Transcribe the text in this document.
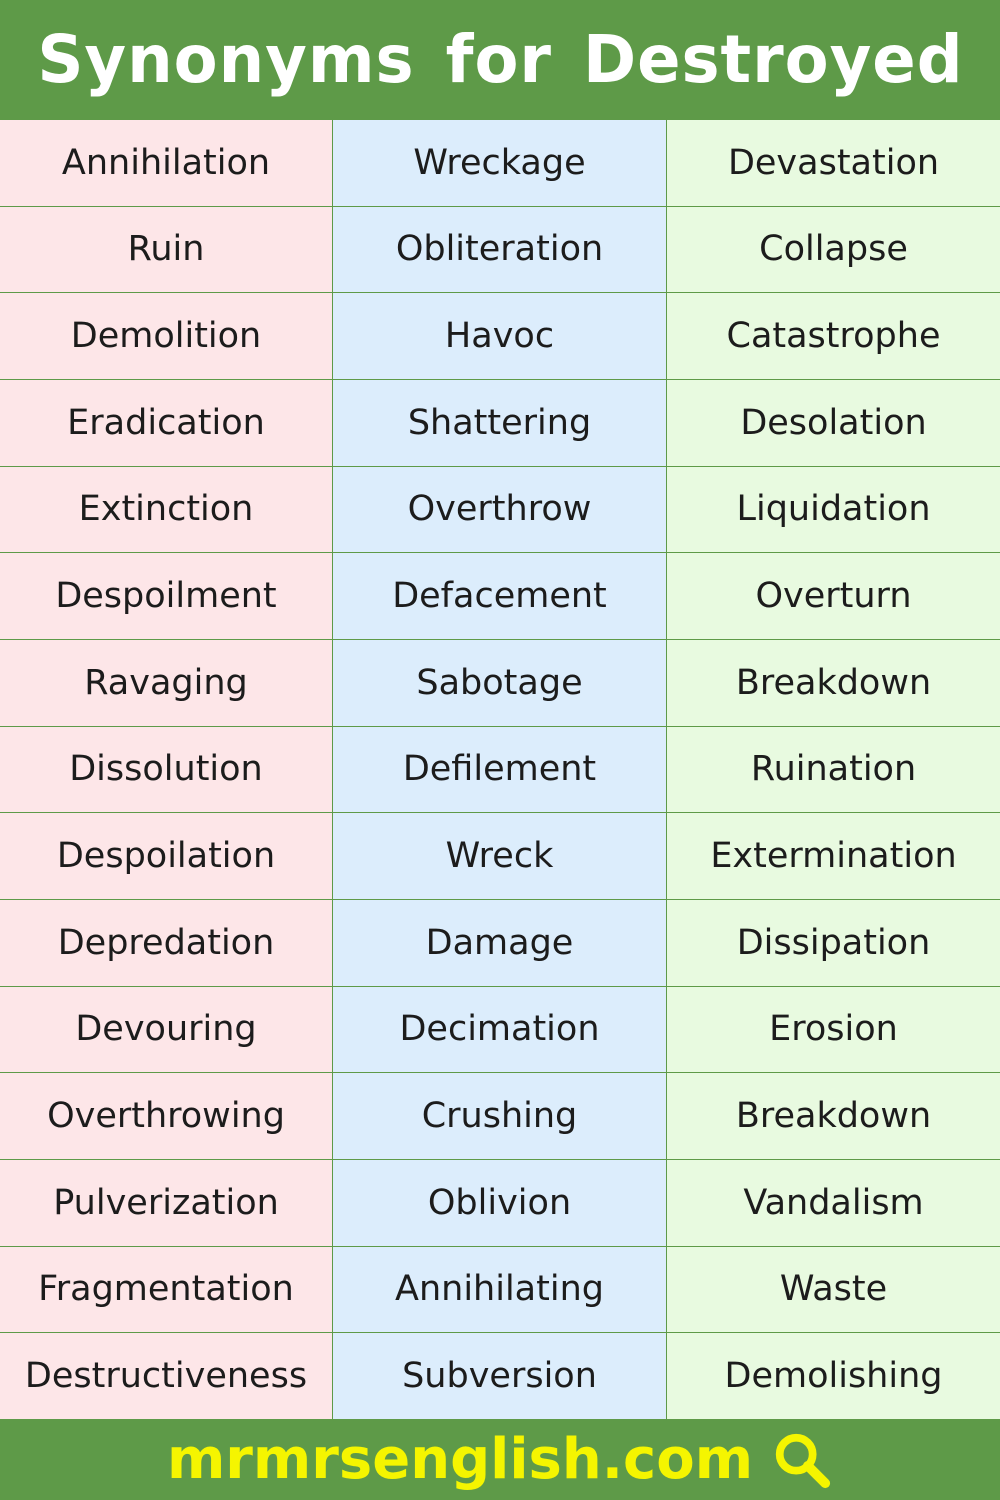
Synonyms for Destroyed
Annihilation	Wreckage	Devastation
Ruin	Obliteration	Collapse
Demolition	Havoc	Catastrophe
Eradication	Shattering	Desolation
Extinction	Overthrow	Liquidation
Despoilment	Defacement	Overturn
Ravaging	Sabotage	Breakdown
Dissolution	Defilement	Ruination
Despoilation	Wreck	Extermination
Depredation	Damage	Dissipation
Devouring	Decimation	Erosion
Overthrowing	Crushing	Breakdown
Pulverization	Oblivion	Vandalism
Fragmentation	Annihilating	Waste
Destructiveness	Subversion	Demolishing
mrmrsenglish.com
